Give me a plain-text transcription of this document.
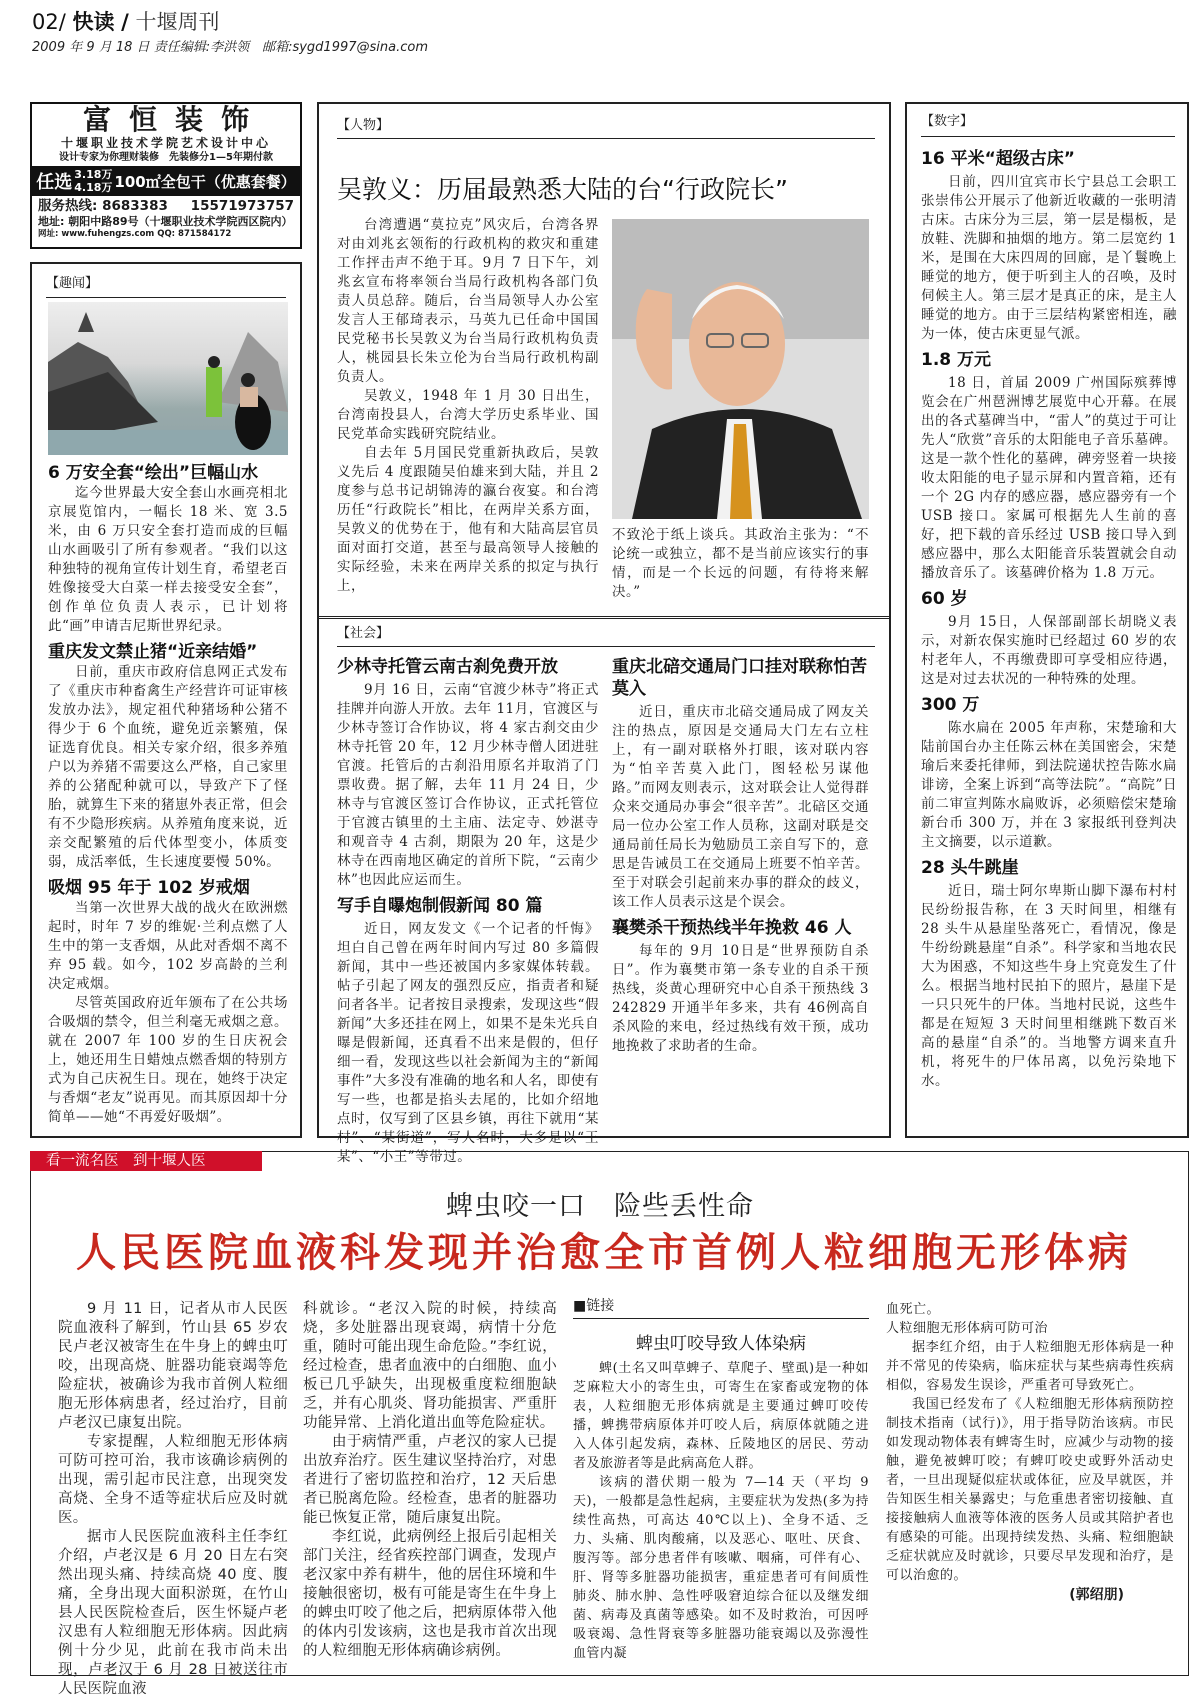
02/ 快读 / 十堰周刊
2009 年 9 月 18 日 责任编辑:李洪领　邮箱:sygd1997@sina.com
富恒装饰
十堰职业技术学院艺术设计中心
设计专家为你理财装修　先装修分1—5年期付款
任选 3.18万
4.18万 100㎡全包干（优惠套餐）
服务热线: 8683383 15571973757
地址: 朝阳中路89号（十堰职业技术学院西区院内）
网址: www.fuhengzs.com QQ: 871584172
【趣闻】
6 万安全套“绘出”巨幅山水

迄今世界最大安全套山水画亮相北京展览馆内，一幅长 18 米、宽 3.5 米，由 6 万只安全套打造而成的巨幅山水画吸引了所有参观者。“我们以这种独特的视角宣传计划生育，希望老百姓像接受大白菜一样去接受安全套”，创作单位负责人表示，已计划将此“画”申请吉尼斯世界纪录。

重庆发文禁止猪“近亲结婚”

日前，重庆市政府信息网正式发布了《重庆市种畜禽生产经营许可证审核发放办法》，规定祖代种猪场种公猪不得少于 6 个血统，避免近亲繁殖，保证选育优良。相关专家介绍，很多养殖户以为养猪不需要这么严格，自己家里养的公猪配种就可以，导致产下了怪胎，就算生下来的猪崽外表正常，但会有不少隐形疾病。从养殖角度来说，近亲交配繁殖的后代体型变小，体质变弱，成活率低，生长速度要慢 50%。

吸烟 95 年于 102 岁戒烟

当第一次世界大战的战火在欧洲燃起时，时年 7 岁的维妮·兰利点燃了人生中的第一支香烟，从此对香烟不离不弃 95 载。如今，102 岁高龄的兰利决定戒烟。

尽管英国政府近年颁布了在公共场合吸烟的禁令，但兰利毫无戒烟之意。就在 2007 年 100 岁的生日庆祝会上，她还用生日蜡烛点燃香烟的特别方式为自己庆祝生日。现在，她终于决定与香烟“老友”说再见。而其原因却十分简单——她“不再爱好吸烟”。

【人物】
吴敦义：历届最熟悉大陆的台“行政院长”

台湾遭遇“莫拉克”风灾后，台湾各界对由刘兆玄领衔的行政机构的救灾和重建工作抨击声不绝于耳。9月 7 日下午，刘兆玄宣布将率领台当局行政机构各部门负责人员总辞。随后，台当局领导人办公室发言人王郁琦表示，马英九已任命中国国民党秘书长吴敦义为台当局行政机构负责人，桃园县长朱立伦为台当局行政机构副负责人。

吴敦义，1948 年 1 月 30 日出生，台湾南投县人，台湾大学历史系毕业、国民党革命实践研究院结业。

自去年 5月国民党重新执政后，吴敦义先后 4 度跟随吴伯雄来到大陆，并且 2 度参与总书记胡锦涛的瀛台夜宴。和台湾历任“行政院长”相比，在两岸关系方面，吴敦义的优势在于，他有和大陆高层官员面对面打交道，甚至与最高领导人接触的实际经验，未来在两岸关系的拟定与执行上，

不致沦于纸上谈兵。其政治主张为：“不论统一或独立，都不是当前应该实行的事情，而是一个长远的问题，有待将来解决。”

【社会】
少林寺托管云南古刹免费开放

9月 16 日，云南“官渡少林寺”将正式挂牌并向游人开放。去年 11月，官渡区与少林寺签订合作协议，将 4 家古刹交由少林寺托管 20 年，12 月少林寺僧人团进驻官渡。托管后的古刹沿用原名并取消了门票收费。据了解，去年 11 月 24 日，少林寺与官渡区签订合作协议，正式托管位于官渡古镇里的土主庙、法定寺、妙湛寺和观音寺 4 古刹，期限为 20 年，这是少林寺在西南地区确定的首所下院，“云南少林”也因此应运而生。

写手自曝炮制假新闻 80 篇

近日，网友发文《一个记者的忏悔》坦白自己曾在两年时间内写过 80 多篇假新闻，其中一些还被国内多家媒体转载。帖子引起了网友的强烈反应，指责者和疑问者各半。记者按目录搜索，发现这些“假新闻”大多还挂在网上，如果不是朱光兵自曝是假新闻，还真看不出来是假的，但仔细一看，发现这些以社会新闻为主的“新闻事件”大多没有准确的地名和人名，即使有写一些，也都是掐头去尾的，比如介绍地点时，仅写到了区县乡镇，再往下就用“某村”、“某街道”，写人名时，大多是以“王某”、“小王”等带过。

重庆北碚交通局门口挂对联称怕苦莫入

近日，重庆市北碚交通局成了网友关注的热点，原因是交通局大门左右立柱上，有一副对联格外打眼，该对联内容为“怕辛苦莫入此门，图轻松另谋他路。”而网友则表示，这对联会让人觉得群众来交通局办事会“很辛苦”。北碚区交通局一位办公室工作人员称，这副对联是交通局前任局长为勉励员工亲自写下的，意思是告诫员工在交通局上班要不怕辛苦。至于对联会引起前来办事的群众的歧义，该工作人员表示这是个误会。

襄樊杀干预热线半年挽救 46 人

每年的 9月 10日是“世界预防自杀日”。作为襄樊市第一条专业的自杀干预热线，炎黄心理研究中心自杀干预热线 3242829 开通半年多来，共有 46例高自杀风险的来电，经过热线有效干预，成功地挽救了求助者的生命。

【数字】
16 平米“超级古床”

日前，四川宜宾市长宁县总工会职工张崇伟公开展示了他新近收藏的一张明清古床。古床分为三层，第一层是榻板，是放鞋、洗脚和抽烟的地方。第二层宽约 1 米，是围在大床四周的回廊，是丫鬟晚上睡觉的地方，便于听到主人的召唤，及时伺候主人。第三层才是真正的床，是主人睡觉的地方。由于三层结构紧密相连，融为一体，使古床更显气派。

1.8 万元

18 日，首届 2009 广州国际殡葬博览会在广州琶洲博艺展览中心开幕。在展出的各式墓碑当中，“雷人”的莫过于可让先人“欣赏”音乐的太阳能电子音乐墓碑。这是一款个性化的墓碑，碑旁竖着一块接收太阳能的电子显示屏和内置音箱，还有一个 2G 内存的感应器，感应器旁有一个 USB 接口。家属可根据先人生前的喜好，把下载的音乐经过 USB 接口导入到感应器中，那么太阳能音乐装置就会自动播放音乐了。该墓碑价格为 1.8 万元。

60 岁

9月 15日，人保部副部长胡晓义表示，对新农保实施时已经超过 60 岁的农村老年人，不再缴费即可享受相应待遇，这是对过去状况的一种特殊的处理。

300 万

陈水扁在 2005 年声称，宋楚瑜和大陆前国台办主任陈云林在美国密会，宋楚瑜后来委托律师，到法院递状控告陈水扁诽谤，全案上诉到“高等法院”。“高院”日前二审宣判陈水扁败诉，必须赔偿宋楚瑜新台币 300 万，并在 3 家报纸刊登判决主文摘要，以示道歉。

28 头牛跳崖

近日，瑞士阿尔卑斯山脚下瀑布村村民纷纷报告称，在 3 天时间里，相继有 28 头牛从悬崖坠落死亡，看情况，像是牛纷纷跳悬崖“自杀”。科学家和当地农民大为困惑，不知这些牛身上究竟发生了什么。根据当地村民拍下的照片，悬崖下是一只只死牛的尸体。当地村民说，这些牛都是在短短 3 天时间里相继跳下数百米高的悬崖“自杀”的。当地警方调来直升机，将死牛的尸体吊离，以免污染地下水。

看一流名医　到十堰人医
蜱虫咬一口　险些丢性命
人民医院血液科发现并治愈全市首例人粒细胞无形体病

9 月 11 日，记者从市人民医院血液科了解到，竹山县 65 岁农民卢老汉被寄生在牛身上的蜱虫叮咬，出现高烧、脏器功能衰竭等危险症状，被确诊为我市首例人粒细胞无形体病患者，经过治疗，目前卢老汉已康复出院。

专家提醒，人粒细胞无形体病可防可控可治，我市该确诊病例的出现，需引起市民注意，出现突发高烧、全身不适等症状后应及时就医。

据市人民医院血液科主任李红介绍，卢老汉是 6 月 20 日左右突然出现头痛、持续高烧 40 度、腹痛，全身出现大面积淤斑，在竹山县人民医院检查后，医生怀疑卢老汉患有人粒细胞无形体病。因此病例十分少见，此前在我市尚未出现，卢老汉于 6 月 28 日被送往市人民医院血液

科就诊。“老汉入院的时候，持续高烧，多处脏器出现衰竭，病情十分危重，随时可能出现生命危险。”李红说，经过检查，患者血液中的白细胞、血小板已几乎缺失，出现极重度粒细胞缺乏，并有心肌炎、肾功能损害、严重肝功能异常、上消化道出血等危险症状。

由于病情严重，卢老汉的家人已提出放弃治疗。医生建议坚持治疗，对患者进行了密切监控和治疗，12 天后患者已脱离危险。经检查，患者的脏器功能已恢复正常，随后康复出院。

李红说，此病例经上报后引起相关部门关注，经省疾控部门调查，发现卢老汉家中养有耕牛，他的居住环境和牛接触很密切，极有可能是寄生在牛身上的蜱虫叮咬了他之后，把病原体带入他的体内引发该病，这也是我市首次出现的人粒细胞无形体病确诊病例。

■链接
蜱虫叮咬导致人体染病

蜱(土名又叫草蜱子、草爬子、壁虱)是一种如芝麻粒大小的寄生虫，可寄生在家畜或宠物的体表，人粒细胞无形体病就是主要通过蜱叮咬传播，蜱携带病原体并叮咬人后，病原体就随之进入人体引起发病，森林、丘陵地区的居民、劳动者及旅游者等是此病高危人群。

该病的潜伏期一般为 7—14 天（平均 9 天)，一般都是急性起病，主要症状为发热(多为持续性高热，可高达 40℃以上)、全身不适、乏力、头痛、肌肉酸痛，以及恶心、呕吐、厌食、腹泻等。部分患者伴有咳嗽、咽痛，可伴有心、肝、肾等多脏器功能损害，重症患者可有间质性肺炎、肺水肿、急性呼吸窘迫综合征以及继发细菌、病毒及真菌等感染。如不及时救治，可因呼吸衰竭、急性肾衰等多脏器功能衰竭以及弥漫性血管内凝

血死亡。

人粒细胞无形体病可防可治

据李红介绍，由于人粒细胞无形体病是一种并不常见的传染病，临床症状与某些病毒性疾病相似，容易发生误诊，严重者可导致死亡。

我国已经发布了《人粒细胞无形体病预防控制技术指南（试行)》，用于指导防治该病。市民如发现动物体表有蜱寄生时，应减少与动物的接触，避免被蜱叮咬；有蜱叮咬史或野外活动史者，一旦出现疑似症状或体征，应及早就医，并告知医生相关暴露史；与危重患者密切接触、直接接触病人血液等体液的医务人员或其陪护者也有感染的可能。出现持续发热、头痛、粒细胞缺乏症状就应及时就诊，只要尽早发现和治疗，是可以治愈的。

(郭绍朋)
